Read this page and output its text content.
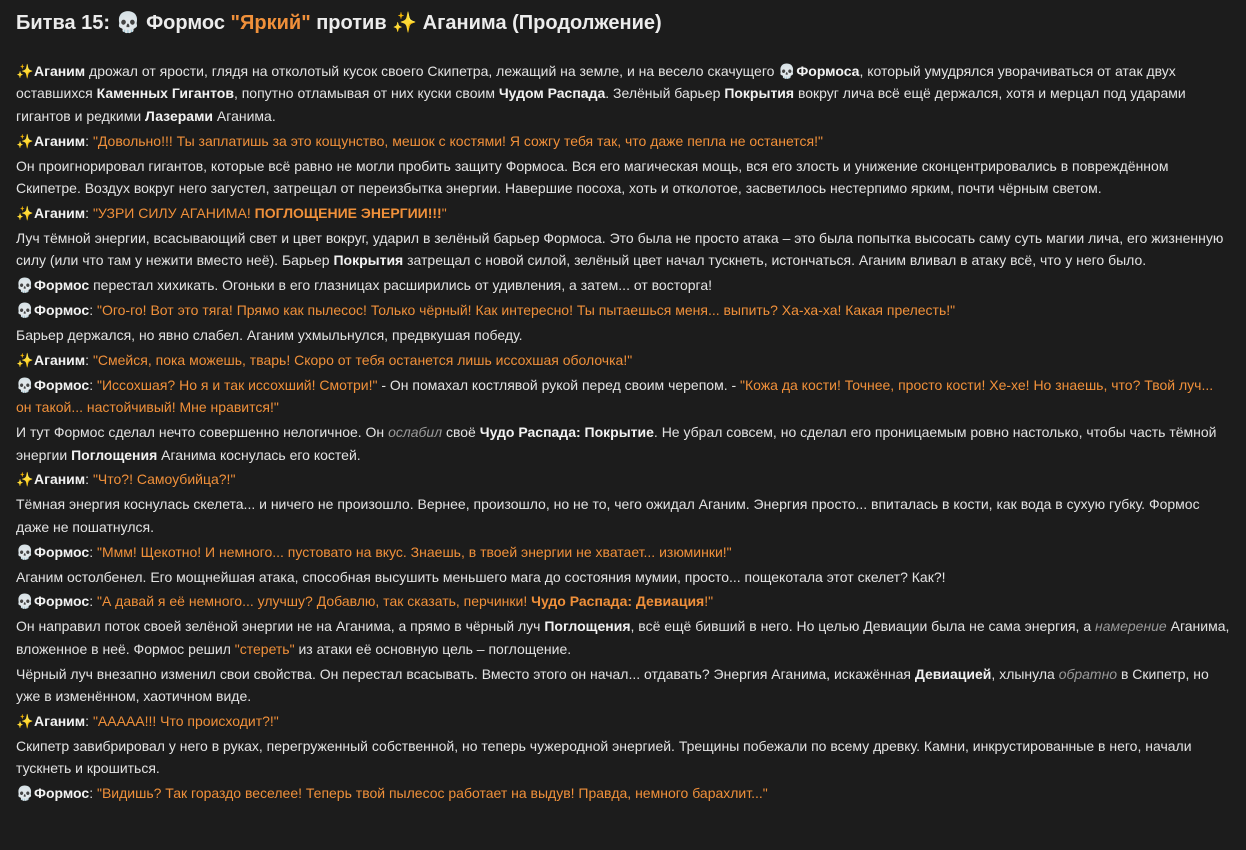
Битва 15: 💀 Формос "Яркий" против ✨ Аганима (Продолжение)

✨Аганим дрожал от ярости, глядя на отколотый кусок своего Скипетра, лежащий на земле, и на весело скачущего 💀Формоса, который умудрялся уворачиваться от атак двух оставшихся Каменных Гигантов, попутно отламывая от них куски своим Чудом Распада. Зелёный барьер Покрытия вокруг лича всё ещё держался, хотя и мерцал под ударами гигантов и редкими Лазерами Аганима.

✨Аганим: "Довольно!!! Ты заплатишь за это кощунство, мешок с костями! Я сожгу тебя так, что даже пепла не останется!"

Он проигнорировал гигантов, которые всё равно не могли пробить защиту Формоса. Вся его магическая мощь, вся его злость и унижение сконцентрировались в повреждённом Скипетре. Воздух вокруг него загустел, затрещал от переизбытка энергии. Навершие посоха, хоть и отколотое, засветилось нестерпимо ярким, почти чёрным светом.

✨Аганим: "УЗРИ СИЛУ АГАНИМА! ПОГЛОЩЕНИЕ ЭНЕРГИИ!!!"

Луч тёмной энергии, всасывающий свет и цвет вокруг, ударил в зелёный барьер Формоса. Это была не просто атака – это была попытка высосать саму суть магии лича, его жизненную силу (или что там у нежити вместо неё). Барьер Покрытия затрещал с новой силой, зелёный цвет начал тускнеть, истончаться. Аганим вливал в атаку всё, что у него было.

💀Формос перестал хихикать. Огоньки в его глазницах расширились от удивления, а затем... от восторга!

💀Формос: "Ого-го! Вот это тяга! Прямо как пылесос! Только чёрный! Как интересно! Ты пытаешься меня... выпить? Ха-ха-ха! Какая прелесть!"

Барьер держался, но явно слабел. Аганим ухмыльнулся, предвкушая победу.

✨Аганим: "Смейся, пока можешь, тварь! Скоро от тебя останется лишь иссохшая оболочка!"

💀Формос: "Иссохшая? Но я и так иссохший! Смотри!" - Он помахал костлявой рукой перед своим черепом. - "Кожа да кости! Точнее, просто кости! Хе-хе! Но знаешь, что? Твой луч... он такой... настойчивый! Мне нравится!"

И тут Формос сделал нечто совершенно нелогичное. Он ослабил своё Чудо Распада: Покрытие. Не убрал совсем, но сделал его проницаемым ровно настолько, чтобы часть тёмной энергии Поглощения Аганима коснулась его костей.

✨Аганим: "Что?! Самоубийца?!"

Тёмная энергия коснулась скелета... и ничего не произошло. Вернее, произошло, но не то, чего ожидал Аганим. Энергия просто... впиталась в кости, как вода в сухую губку. Формос даже не пошатнулся.

💀Формос: "Ммм! Щекотно! И немного... пустовато на вкус. Знаешь, в твоей энергии не хватает... изюминки!"

Аганим остолбенел. Его мощнейшая атака, способная высушить меньшего мага до состояния мумии, просто... пощекотала этот скелет? Как?!

💀Формос: "А давай я её немного... улучшу? Добавлю, так сказать, перчинки! Чудо Распада: Девиация!"

Он направил поток своей зелёной энергии не на Аганима, а прямо в чёрный луч Поглощения, всё ещё бивший в него. Но целью Девиации была не сама энергия, а намерение Аганима, вложенное в неё. Формос решил "стереть" из атаки её основную цель – поглощение.

Чёрный луч внезапно изменил свои свойства. Он перестал всасывать. Вместо этого он начал... отдавать? Энергия Аганима, искажённая Девиацией, хлынула обратно в Скипетр, но уже в изменённом, хаотичном виде.

✨Аганим: "ААААА!!! Что происходит?!"

Скипетр завибрировал у него в руках, перегруженный собственной, но теперь чужеродной энергией. Трещины побежали по всему древку. Камни, инкрустированные в него, начали тускнеть и крошиться.

💀Формос: "Видишь? Так гораздо веселее! Теперь твой пылесос работает на выдув! Правда, немного барахлит..."
